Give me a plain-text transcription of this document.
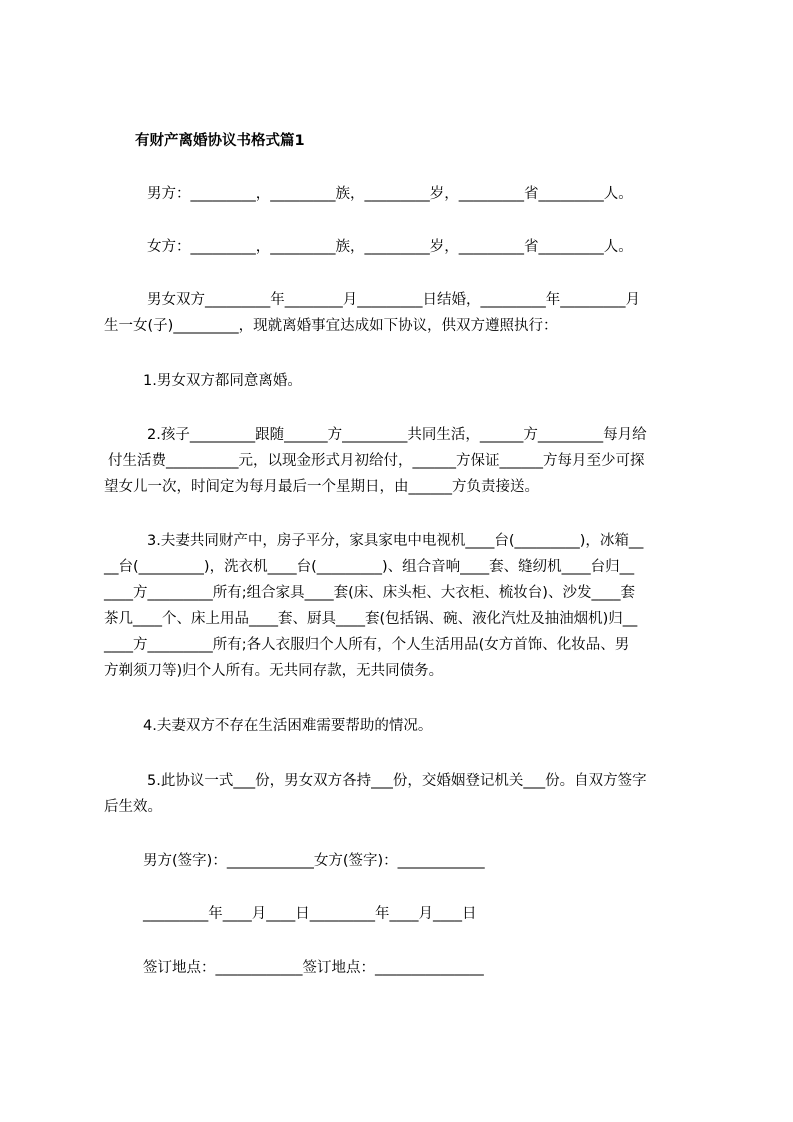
有财产离婚协议书格式篇1

男方：_________，_________族，_________岁，_________省_________人。

女方：_________，_________族，_________岁，_________省_________人。

男女双方_________年________月_________日结婚，_________年_________月

生一女(子)_________，现就离婚事宜达成如下协议，供双方遵照执行：

1.男女双方都同意离婚。

2.孩子_________跟随______方_________共同生活，______方_________每月给

付生活费__________元，以现金形式月初给付，______方保证______方每月至少可探

望女儿一次，时间定为每月最后一个星期日，由______方负责接送。

3.夫妻共同财产中，房子平分，家具家电中电视机____台(_________)，冰箱__

__台(_________)，洗衣机____台(_________)、组合音响____套、缝纫机____台归__

____方_________所有;组合家具____套(床、床头柜、大衣柜、梳妆台)、沙发____套

茶几____个、床上用品____套、厨具____套(包括锅、碗、液化汽灶及抽油烟机)归__

____方_________所有;各人衣服归个人所有，个人生活用品(女方首饰、化妆品、男

方剃须刀等)归个人所有。无共同存款，无共同债务。

4.夫妻双方不存在生活困难需要帮助的情况。

5.此协议一式___份，男女双方各持___份，交婚姻登记机关___份。自双方签字

后生效。

男方(签字)：____________女方(签字)：____________

_________年____月____日_________年____月____日

签订地点：____________签订地点：_______________
